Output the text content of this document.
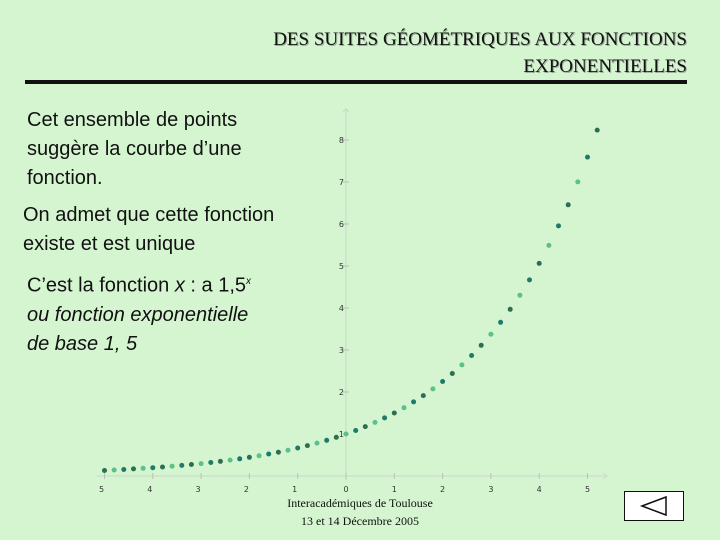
DES SUITES GÉOMÉTRIQUES AUX FONCTIONS
EXPONENTIELLES
Cet ensemble de points
suggère la courbe d’une
fonction.
On admet que cette fonction
existe et est unique
C’est la fonction x : a 1,5$^x$
ou fonction exponentielle
de base 1, 5
5	4	3	2	1	0	1	2	3	4	5
1
2
3
4
5
6
7
8
Interacadémiques de Toulouse
13 et 14 Décembre 2005
